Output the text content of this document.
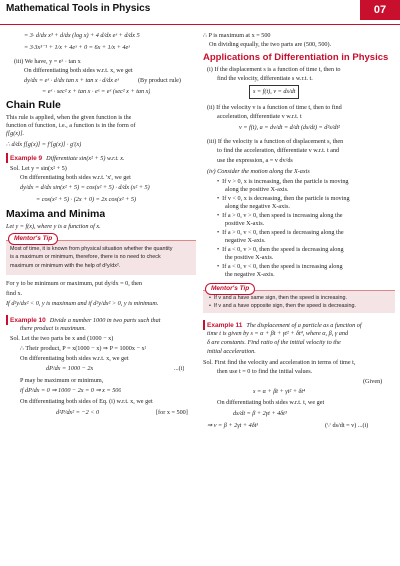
Mathematical Tools in Physics	07
= 3· d/dx x³ + d/dx (log x) + 4 d/dx eˣ + d/dx 5
= 3·3x³⁻¹ + 1/x + 4eˣ + 0 = 6x + 1/x + 4eˣ
(iii) We have, y = eˣ · tan x
On differentiating both sides w.r.t. x, we get
dy/dx = eˣ · d/dx tan x + tan x · d/dx eˣ	(By product rule)
= eˣ · sec² x + tan x · eˣ = eˣ (sec² x + tan x)
Chain Rule
This rule is applied, when the given function is the
function of function, i.e., a function is in the form of
f[g(x)].
∴ d/dx f[g(x)] = f′[g(x)] · g′(x)
Example 9 Differentiate sin(x² + 5) w.r.t. x.
Sol. Let y = sin(x² + 5)
On differentiating both sides w.r.t. 'x', we get
dy/dx = d/dx sin(x² + 5) = cos(x² + 5) · d/dx (x² + 5)
= cos(x² + 5) · (2x + 0) = 2x cos(x² + 5)
Maxima and Minima
Let y = f(x), where y is a function of x.
Mentor's Tip
Most of time, it is known from physical situation whether the quantity
is a maximum or minimum, therefore, there is no need to check
maximum or minimum with the help of d²y/dx².
For y to be minimum or maximum, put dy/dx = 0, then
find x.
If d²y/dx² < 0, y is maximum and if d²y/dx² > 0, y is minimum.
Example 10 Divide a number 1000 in two parts such that
there product is maximum.
Sol. Let the two parts be x and (1000 − x)
∴ Their product, P = x(1000 − x) ⇒ P = 1000x − x²
On differentiating both sides w.r.t. x, we get
dP/dx = 1000 − 2x	...(i)
P may be maximum or minimum,
if dP/dx = 0 ⇒ 1000 − 2x = 0 ⇒ x = 500
On differentiating both sides of Eq. (i) w.r.t. x, we get
d²P/dx² = −2 < 0	[for x = 500]
∴ P is maximum at x = 500
On dividing equally, the two parts are (500, 500).
Applications of Differentiation in Physics
(i) If the displacement s is a function of time t, then to
find the velocity, differentiate s w.r.t. t.
s = f(t), v = ds/dt
(ii) If the velocity v is a function of time t, then to find
acceleration, differentiate v w.r.t. t
v = f(t), a = dv/dt = d/dt (ds/dt) = d²s/dt²
(iii) If the velocity is a function of displacement s, then
to find the acceleration, differentiate v w.r.t. t and
use the expression, a = v dv/ds
(iv) Consider the motion along the X-axis
• If v > 0, x is increasing, then the particle is moving
along the positive X-axis.
• If v < 0, x is decreasing, then the particle is moving
along the negative X-axis.
• If a > 0, v > 0, then speed is increasing along the
positive X-axis.
• If a > 0, v < 0, then speed is decreasing along the
negative X-axis.
• If a < 0, v > 0, then the speed is decreasing along
the positive X-axis.
• If a < 0, v < 0, then the speed is increasing along
the negative X-axis.
Mentor's Tip
• If v and a have same sign, then the speed is increasing.
• If v and a have opposite sign, then the speed is decreasing.
Example 11 The displacement of a particle as a function of
time t is given by s = α + βt + γt² + δt⁴, where α, β, γ and
δ are constants. Find ratio of the initial velocity to the
initial acceleration.
Sol. First find the velocity and acceleration in terms of time t,
then use t = 0 to find the initial values.
(Given)
s = α + βt + γt² + δt⁴
On differentiating both sides w.r.t. t, we get
ds/dt = β + 2γt + 4δt³
⇒ v = β + 2γt + 4δt³	(∵ ds/dt = v) ...(i)
